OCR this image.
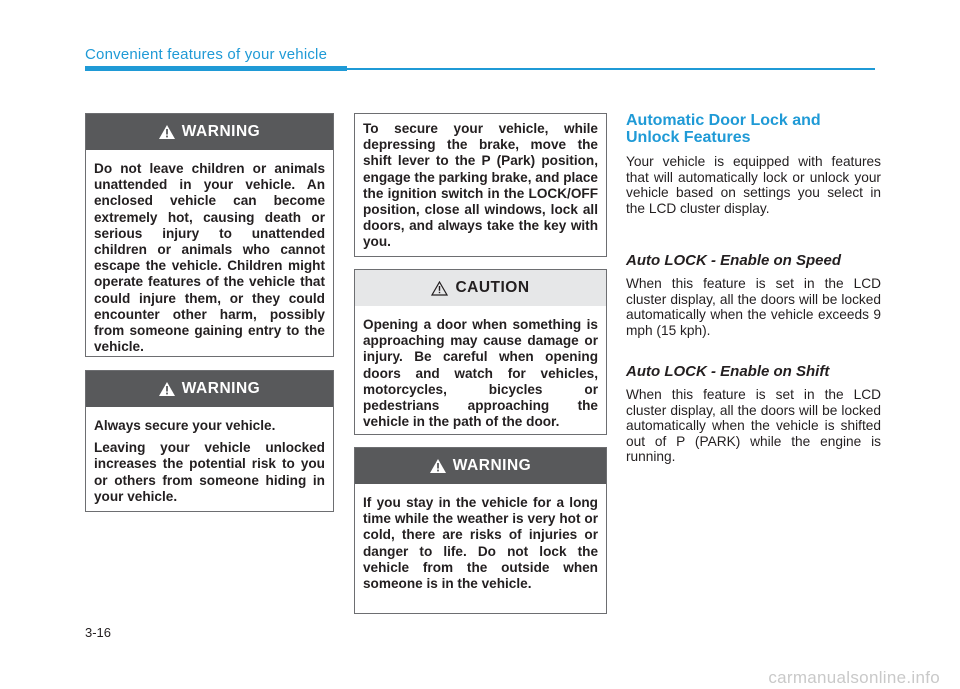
Convenient features of your vehicle
WARNING
Do not leave children or animals unattended in your vehicle. An enclosed vehicle can become extremely hot, causing death or serious injury to unattended children or animals who cannot escape the vehicle. Children might operate features of the vehicle that could injure them, or they could encounter other harm, possibly from someone gaining entry to the vehicle.
WARNING

Always secure your vehicle.

Leaving your vehicle unlocked increases the potential risk to you or others from someone hiding in your vehicle.

To secure your vehicle, while depressing the brake, move the shift lever to the P (Park) position, engage the parking brake, and place the ignition switch in the LOCK/OFF position, close all windows, lock all doors, and always take the key with you.
CAUTION
Opening a door when something is approaching may cause damage or injury. Be careful when opening doors and watch for vehicles, motorcycles, bicycles or pedestrians approaching the vehicle in the path of the door.
WARNING
If you stay in the vehicle for a long time while the weather is very hot or cold, there are risks of injuries or danger to life. Do not lock the vehicle from the outside when someone is in the vehicle.

Automatic Door Lock and

Unlock Features

Your vehicle is equipped with features that will automatically lock or unlock your vehicle based on settings you select in the LCD cluster display.

Auto LOCK - Enable on Speed

When this feature is set in the LCD cluster display, all the doors will be locked automatically when the vehicle exceeds 9 mph (15 kph).

Auto LOCK - Enable on Shift

When this feature is set in the LCD cluster display, all the doors will be locked automatically when the vehicle is shifted out of P (PARK) while the engine is running.

3-16
carmanualsonline.info
